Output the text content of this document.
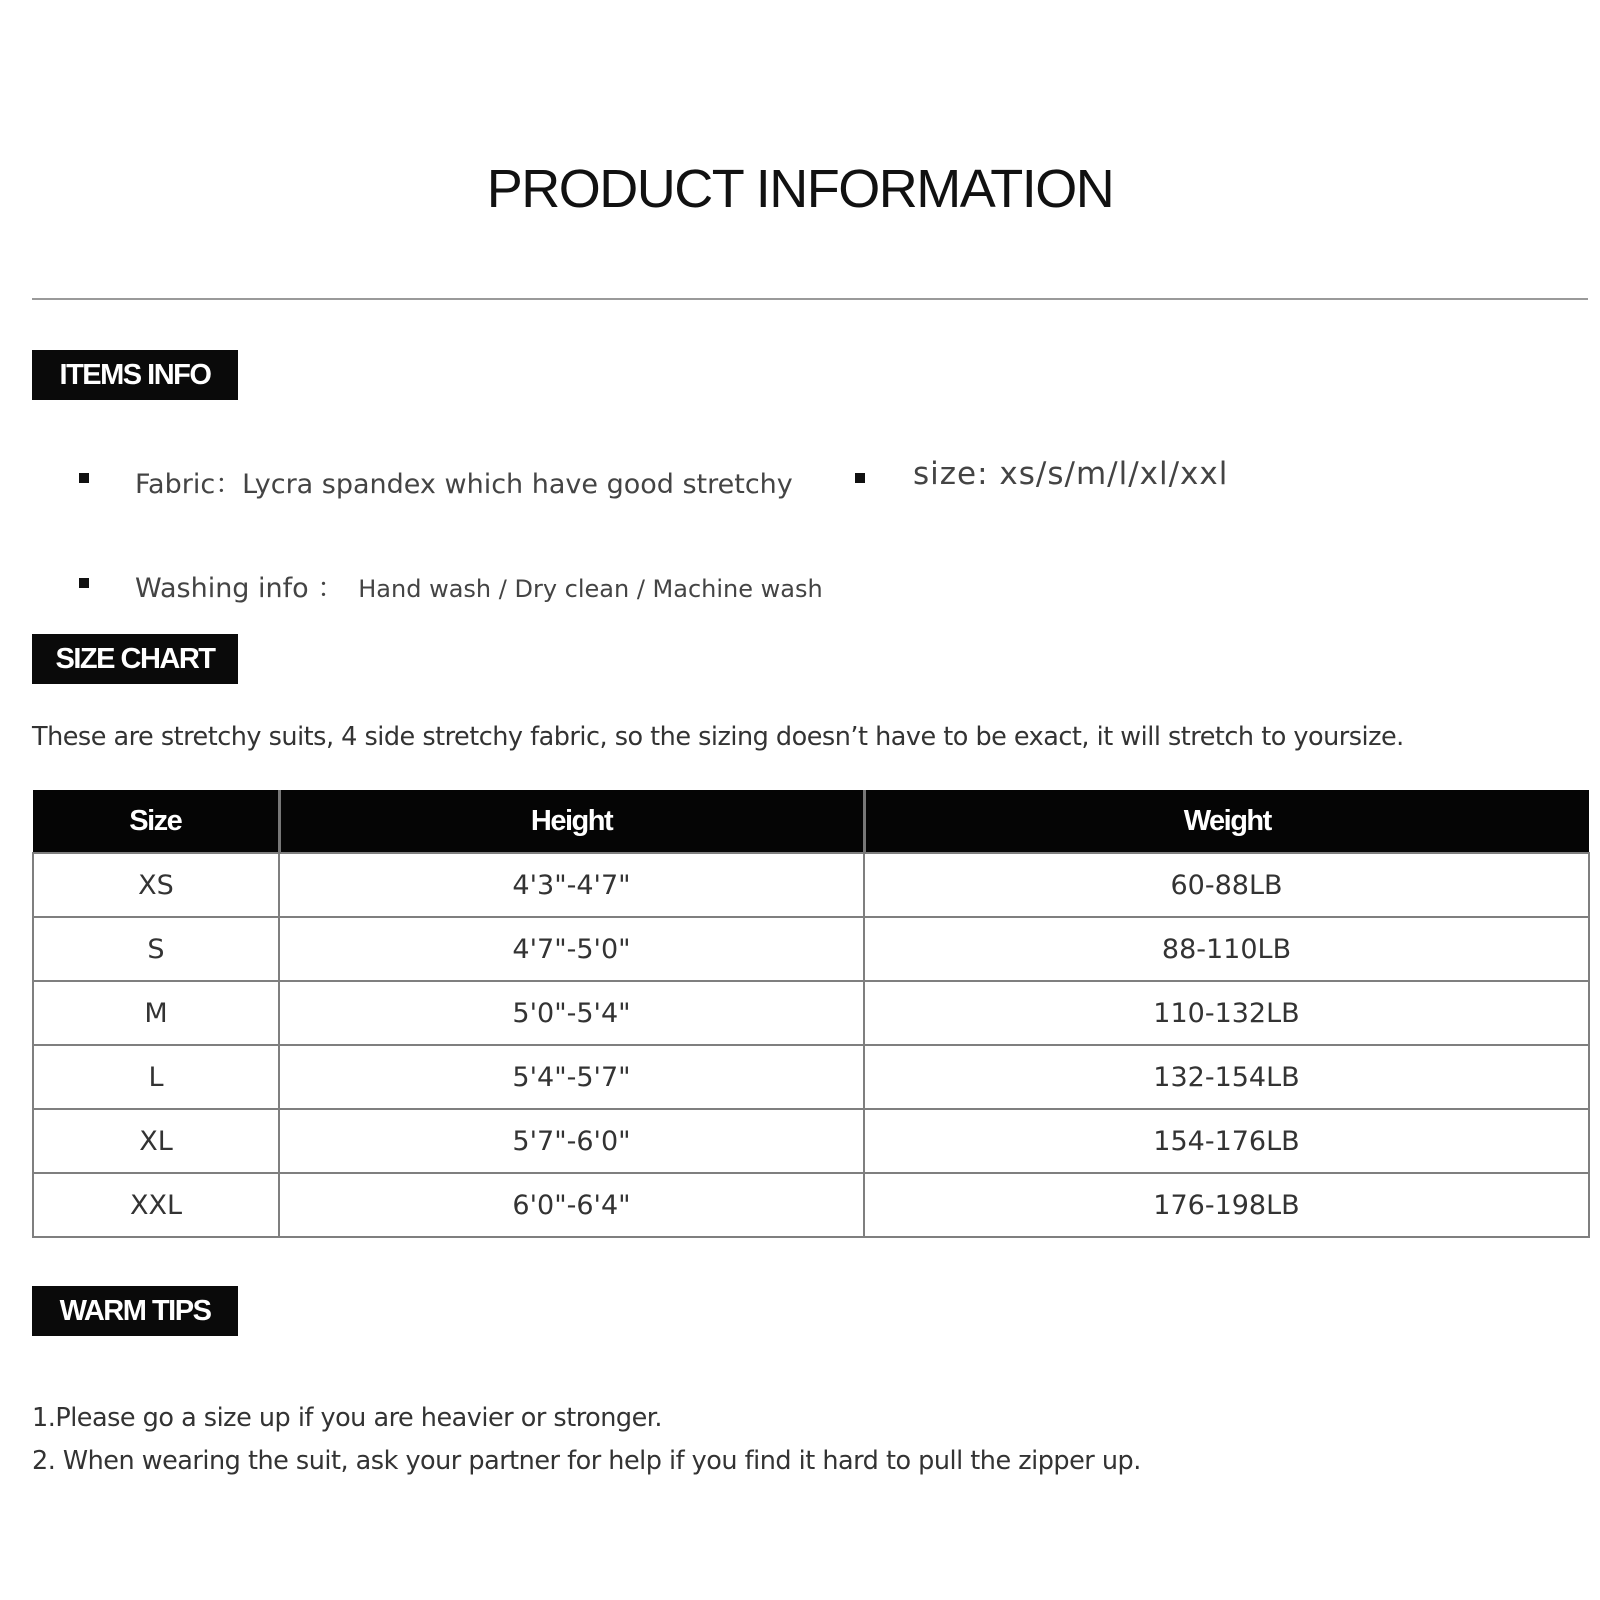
PRODUCT INFORMATION
ITEMS INFO
Fabric：Lycra spandex which have good stretchy	size: xs/s/m/l/xl/xxl
Washing info ： Hand wash / Dry clean / Machine wash
SIZE CHART
These are stretchy suits, 4 side stretchy fabric, so the sizing doesn’t have to be exact, it will stretch to yoursize.
Size	Height	Weight
XS	4'3"-4'7"	60-88LB
S	4'7"-5'0"	88-110LB
M	5'0"-5'4"	110-132LB
L	5'4"-5'7"	132-154LB
XL	5'7"-6'0"	154-176LB
XXL	6'0"-6'4"	176-198LB
WARM TIPS
1.Please go a size up if you are heavier or stronger.
2. When wearing the suit, ask your partner for help if you find it hard to pull the zipper up.
